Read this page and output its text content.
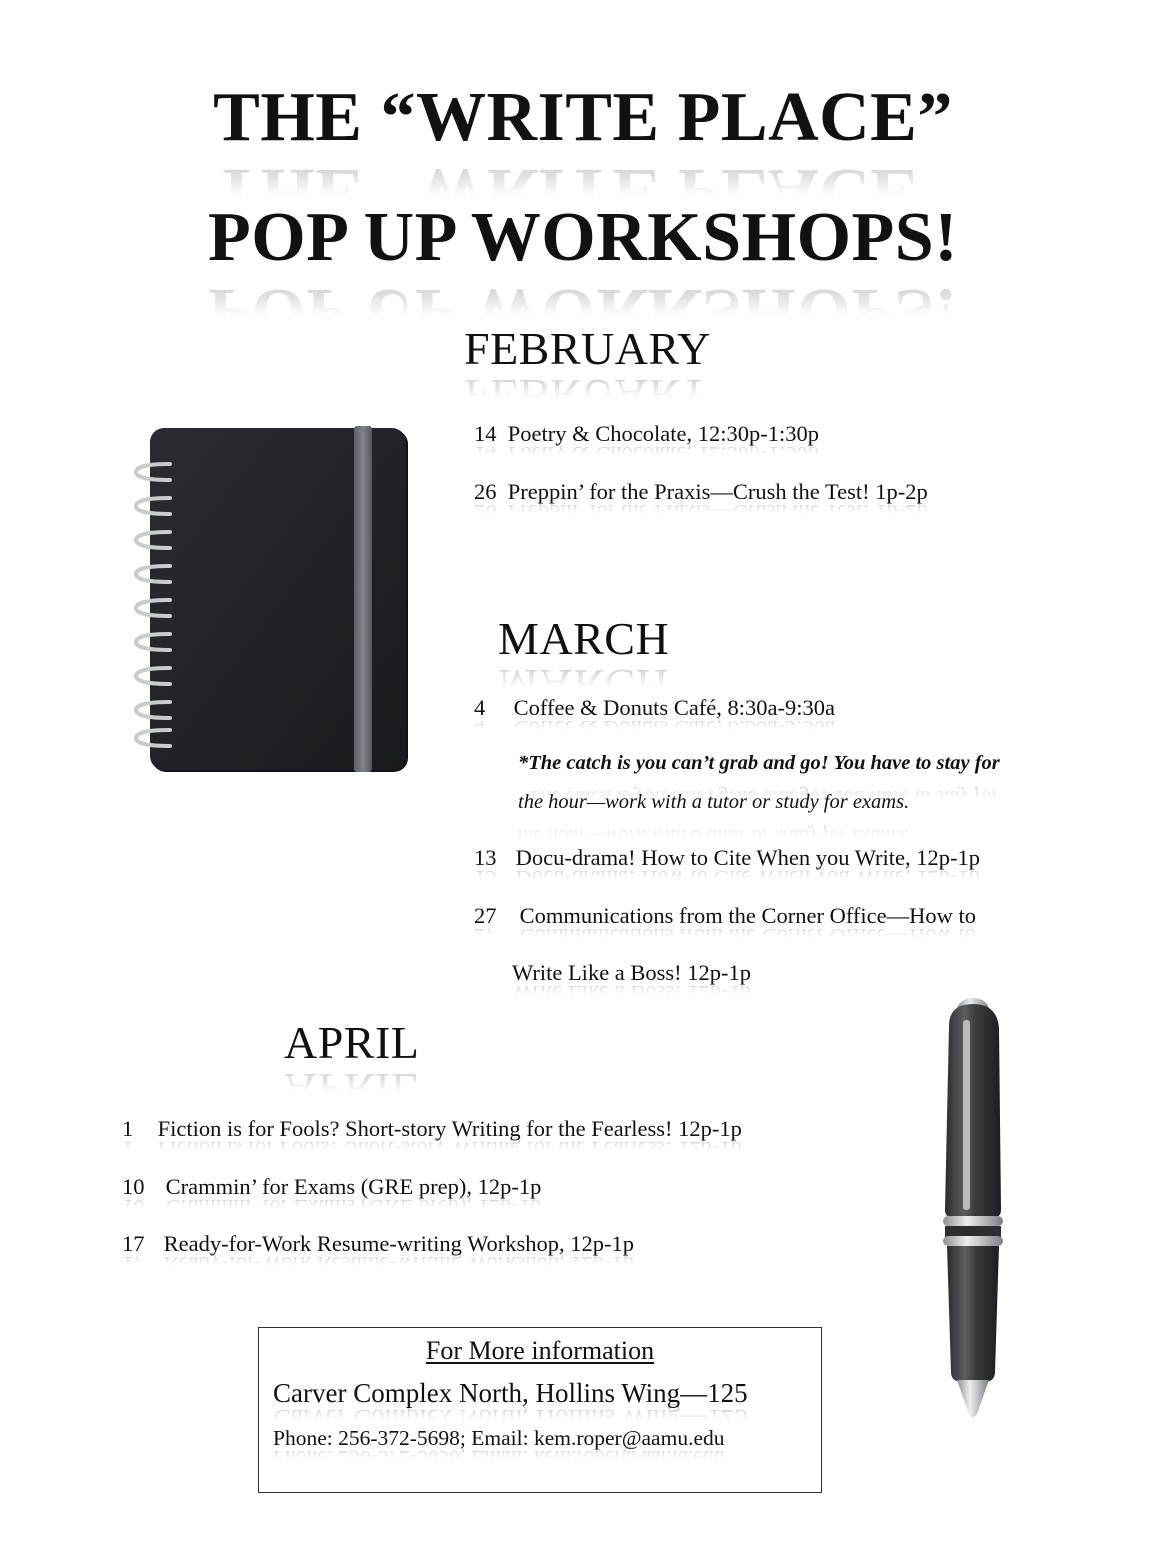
THE “WRITE PLACE”
POP UP WORKSHOPS!
FEBRUARY
14 Poetry & Chocolate, 12:30p-1:30p
26 Preppin’ for the Praxis—Crush the Test! 1p-2p
MARCH
4 Coffee & Donuts Café, 8:30a-9:30a
*The catch is you can’t grab and go! You have to stay for
the hour—work with a tutor or study for exams.
13 Docu-drama! How to Cite When you Write, 12p-1p
27 Communications from the Corner Office—How to
Write Like a Boss! 12p-1p
APRIL
1 Fiction is for Fools? Short-story Writing for the Fearless! 12p-1p
10 Crammin’ for Exams (GRE prep), 12p-1p
17 Ready-for-Work Resume-writing Workshop, 12p-1p
For More information
Carver Complex North, Hollins Wing—125
Phone: 256-372-5698; Email: kem.roper@aamu.edu
